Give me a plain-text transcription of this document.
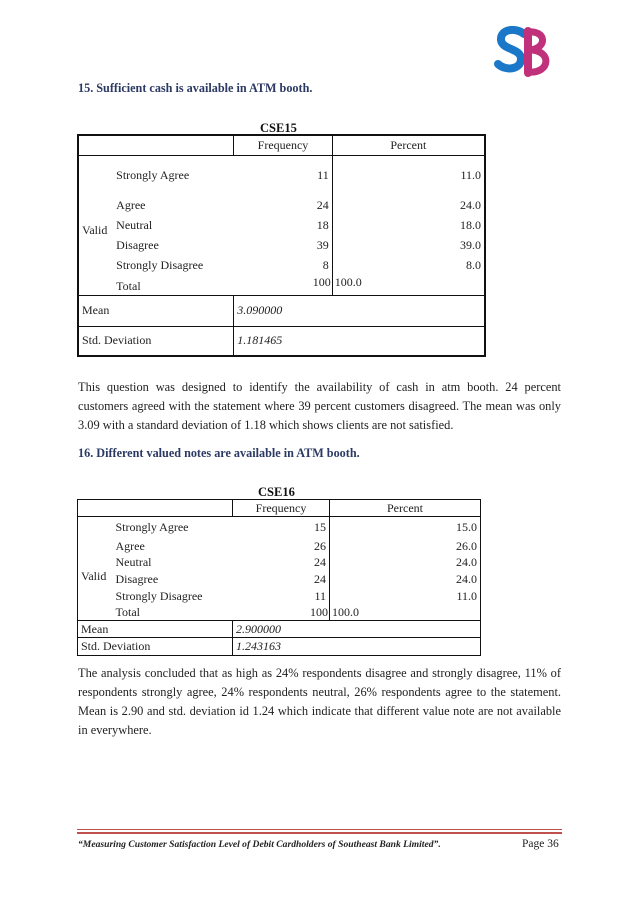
15. Sufficient cash is available in ATM booth.
CSE15
		Frequency	Percent
Valid	Strongly Agree	11	11.0
	Agree	24	24.0
	Neutral	18	18.0
	Disagree	39	39.0
	Strongly Disagree	8	8.0
	Total	100	100.0
Mean		3.090000	
Std. Deviation		1.181465	

This question was designed to identify the availability of cash in atm booth. 24 percent customers agreed with the statement where 39 percent customers disagreed. The mean was only 3.09 with a standard deviation of 1.18 which shows clients are not satisfied.

16. Different valued notes are available in ATM booth.
CSE16
		Frequency	Percent
Valid	Strongly Agree	15	15.0
	Agree	26	26.0
	Neutral	24	24.0
	Disagree	24	24.0
	Strongly Disagree	11	11.0
	Total	100	100.0
Mean		2.900000	
Std. Deviation		1.243163	

The analysis concluded that as high as 24% respondents disagree and strongly disagree, 11% of respondents strongly agree, 24% respondents neutral, 26% respondents agree to the statement. Mean is 2.90 and std. deviation id 1.24 which indicate that different value note are not available in everywhere.

“Measuring Customer Satisfaction Level of Debit Cardholders of Southeast Bank Limited”.	Page 36
